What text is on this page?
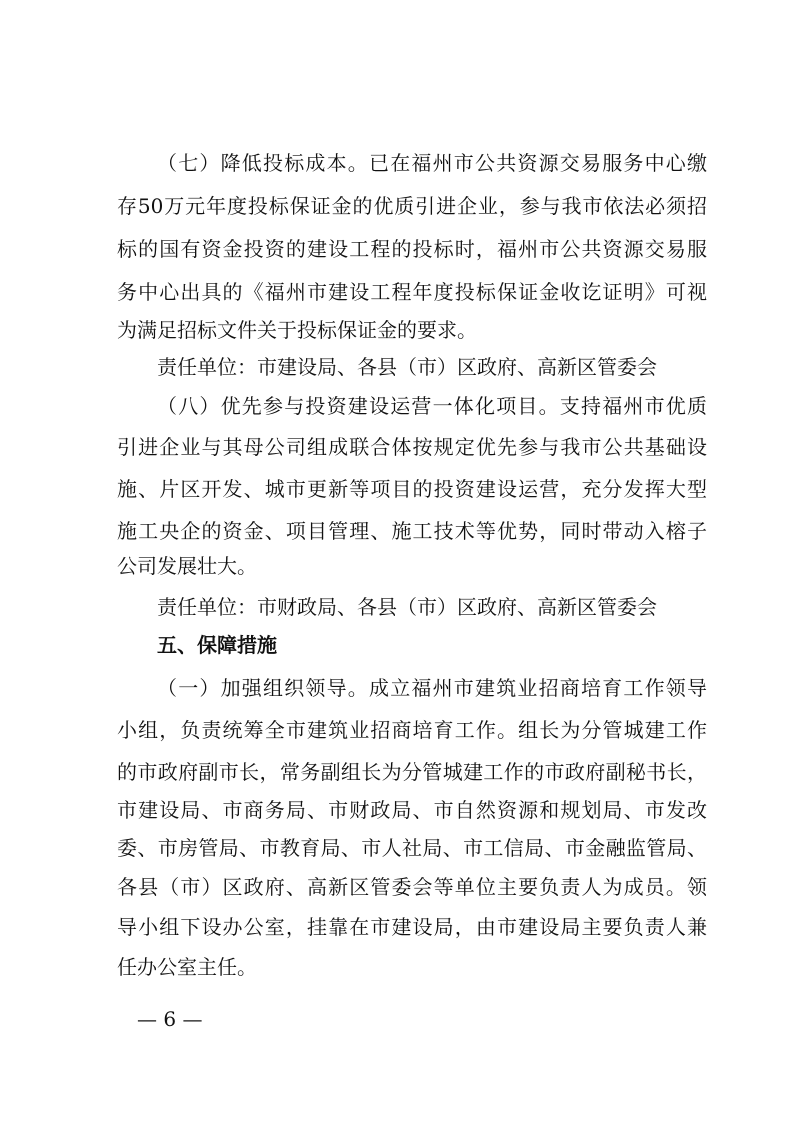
（七）降低投标成本。已在福州市公共资源交易服务中心缴
存50万元年度投标保证金的优质引进企业，参与我市依法必须招
标的国有资金投资的建设工程的投标时，福州市公共资源交易服
务中心出具的《福州市建设工程年度投标保证金收讫证明》可视
为满足招标文件关于投标保证金的要求。
责任单位：市建设局、各县（市）区政府、高新区管委会
（八）优先参与投资建设运营一体化项目。支持福州市优质
引进企业与其母公司组成联合体按规定优先参与我市公共基础设
施、片区开发、城市更新等项目的投资建设运营，充分发挥大型
施工央企的资金、项目管理、施工技术等优势，同时带动入榕子
公司发展壮大。
责任单位：市财政局、各县（市）区政府、高新区管委会
五、保障措施
（一）加强组织领导。成立福州市建筑业招商培育工作领导
小组，负责统筹全市建筑业招商培育工作。组长为分管城建工作
的市政府副市长，常务副组长为分管城建工作的市政府副秘书长，
市建设局、市商务局、市财政局、市自然资源和规划局、市发改
委、市房管局、市教育局、市人社局、市工信局、市金融监管局、
各县（市）区政府、高新区管委会等单位主要负责人为成员。领
导小组下设办公室，挂靠在市建设局，由市建设局主要负责人兼
任办公室主任。
— 6 —
